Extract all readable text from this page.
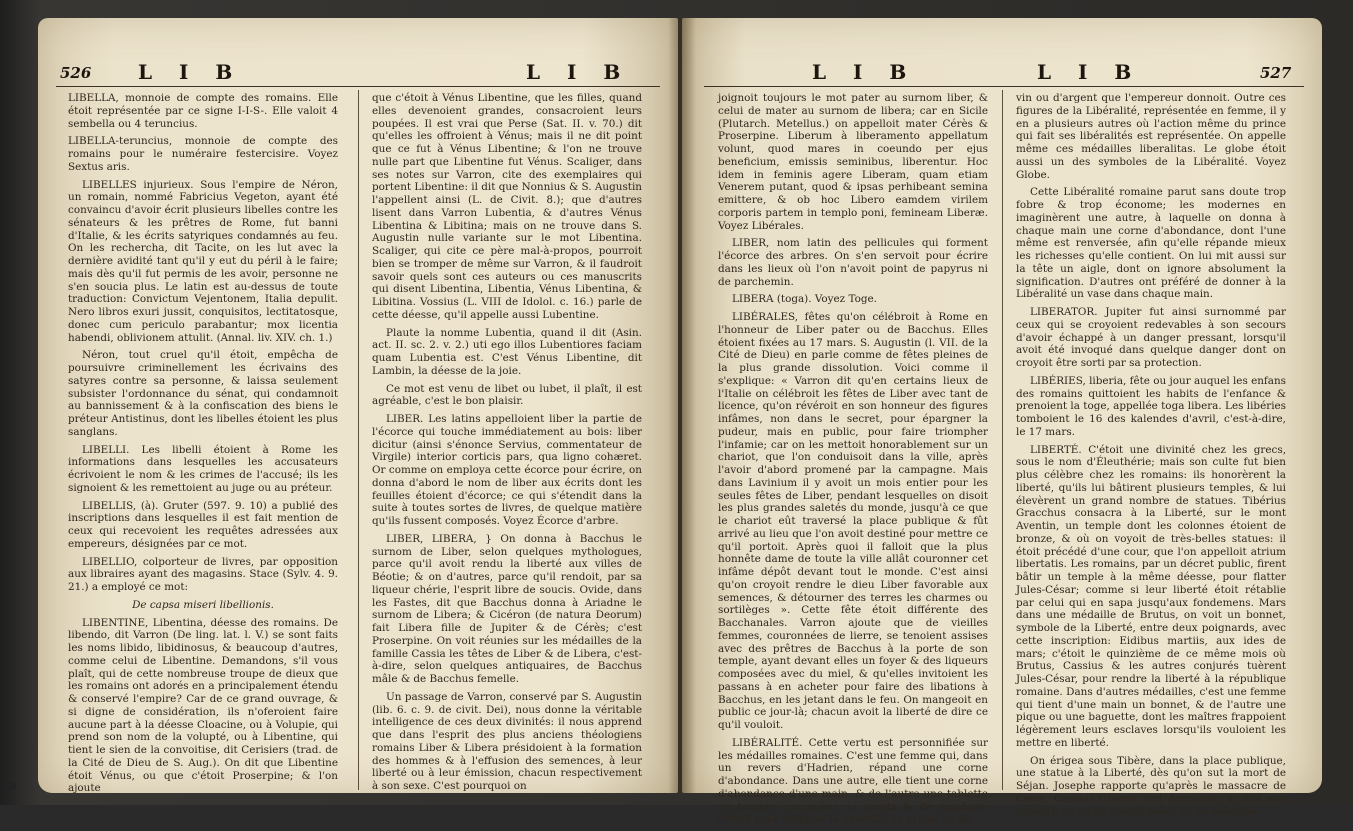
526 L I B	L I B

LIBELLA, monnoie de compte des romains. Elle étoit représentée par ce signe I-I-S-. Elle valoit 4 sembella ou 4 teruncius.

LIBELLA-teruncius, monnoie de compte des romains pour le numéraire festercisire. Voyez Sextus aris.

LIBELLES injurieux. Sous l'empire de Néron, un romain, nommé Fabricius Vegeton, ayant été convaincu d'avoir écrit plusieurs libelles contre les sénateurs & les prêtres de Rome, fut banni d'Italie, & les écrits satyriques condamnés au feu. On les rechercha, dit Tacite, on les lut avec la dernière avidité tant qu'il y eut du péril à le faire; mais dès qu'il fut permis de les avoir, personne ne s'en soucia plus. Le latin est au-dessus de toute traduction: Convictum Vejentonem, Italia depulit. Nero libros exuri jussit, conquisitos, lectitatosque, donec cum periculo parabantur; mox licentia habendi, oblivionem attulit. (Annal. liv. XIV. ch. 1.)

Néron, tout cruel qu'il étoit, empêcha de poursuivre criminellement les écrivains des satyres contre sa personne, & laissa seulement subsister l'ordonnance du sénat, qui condamnoit au bannissement & à la confiscation des biens le préteur Antistinus, dont les libelles étoient les plus sanglans.

LIBELLI. Les libelli étoient à Rome les informations dans lesquelles les accusateurs écrivoient le nom & les crimes de l'accusé; ils les signoient & les remettoient au juge ou au préteur.

LIBELLIS, (à). Gruter (597. 9. 10) a publié des inscriptions dans lesquelles il est fait mention de ceux qui recevoient les requêtes adressées aux empereurs, désignées par ce mot.

LIBELLIO, colporteur de livres, par opposition aux libraires ayant des magasins. Stace (Sylv. 4. 9. 21.) a employé ce mot:

De capsa miseri libellionis.

LIBENTINE, Libentina, déesse des romains. De libendo, dit Varron (De ling. lat. l. V.) se sont faits les noms libido, libidinosus, & beaucoup d'autres, comme celui de Libentine. Demandons, s'il vous plaît, qui de cette nombreuse troupe de dieux que les romains ont adorés en a principalement étendu & conservé l'empire? Car de ce grand ouvrage, & si digne de considération, ils n'oferoient faire aucune part à la déesse Cloacine, ou à Volupie, qui prend son nom de la volupté, ou à Libentine, qui tient le sien de la convoitise, dit Cerisiers (trad. de la Cité de Dieu de S. Aug.). On dit que Libentine étoit Vénus, ou que c'étoit Proserpine; & l'on ajoute

que c'étoit à Vénus Libentine, que les filles, quand elles devenoient grandes, consacroient leurs poupées. Il est vrai que Perse (Sat. II. v. 70.) dit qu'elles les offroient à Vénus; mais il ne dit point que ce fut à Vénus Libentine; & l'on ne trouve nulle part que Libentine fut Vénus. Scaliger, dans ses notes sur Varron, cite des exemplaires qui portent Libentine: il dit que Nonnius & S. Augustin l'appellent ainsi (L. de Civit. 8.); que d'autres lisent dans Varron Lubentia, & d'autres Vénus Libentina & Libitina; mais on ne trouve dans S. Augustin nulle variante sur le mot Libentina. Scaliger, qui cite ce père mal-à-propos, pourroit bien se tromper de même sur Varron, & il faudroit savoir quels sont ces auteurs ou ces manuscrits qui disent Libentina, Libentia, Vénus Libentina, & Libitina. Vossius (L. VIII de Idolol. c. 16.) parle de cette déesse, qu'il appelle aussi Lubentine.

Plaute la nomme Lubentia, quand il dit (Asin. act. II. sc. 2. v. 2.) uti ego illos Lubentiores faciam quam Lubentia est. C'est Vénus Libentine, dit Lambin, la déesse de la joie.

Ce mot est venu de libet ou lubet, il plaît, il est agréable, c'est le bon plaisir.

LIBER. Les latins appelloient liber la partie de l'écorce qui touche immédiatement au bois: liber dicitur (ainsi s'énonce Servius, commentateur de Virgile) interior corticis pars, qua ligno cohæret. Or comme on employa cette écorce pour écrire, on donna d'abord le nom de liber aux écrits dont les feuilles étoient d'écorce; ce qui s'étendit dans la suite à toutes sortes de livres, de quelque matière qu'ils fussent composés. Voyez Écorce d'arbre.

LIBER, LIBERA, } On donna à Bacchus le surnom de Liber, selon quelques mythologues, parce qu'il avoit rendu la liberté aux villes de Béotie; & on d'autres, parce qu'il rendoit, par sa liqueur chérie, l'esprit libre de soucis. Ovide, dans les Fastes, dit que Bacchus donna à Ariadne le surnom de Libera; & Cicéron (de natura Deorum) fait Libera fille de Jupiter & de Cérès; c'est Proserpine. On voit réunies sur les médailles de la famille Cassia les têtes de Liber & de Libera, c'est-à-dire, selon quelques antiquaires, de Bacchus mâle & de Bacchus femelle.

Un passage de Varron, conservé par S. Augustin (lib. 6. c. 9. de civit. Dei), nous donne la véritable intelligence de ces deux divinités: il nous apprend que dans l'esprit des plus anciens théologiens romains Liber & Libera présidoient à la formation des hommes & à l'effusion des semences, à leur liberté ou à leur émission, chacun respectivement à son sexe. C'est pourquoi on

L I B	L I B	527

joignoit toujours le mot pater au surnom liber, & celui de mater au surnom de libera; car en Sicile (Plutarch. Metellus.) on appelloit mater Cérès & Proserpine. Liberum à liberamento appellatum volunt, quod mares in coeundo per ejus beneficium, emissis seminibus, liberentur. Hoc idem in feminis agere Liberam, quam etiam Venerem putant, quod & ipsas perhibeant semina emittere, & ob hoc Libero eamdem virilem corporis partem in templo poni, femineam Liberæ. Voyez Libérales.

LIBER, nom latin des pellicules qui forment l'écorce des arbres. On s'en servoit pour écrire dans les lieux où l'on n'avoit point de papyrus ni de parchemin.

LIBERA (toga). Voyez Toge.

LIBÉRALES, fêtes qu'on célébroit à Rome en l'honneur de Liber pater ou de Bacchus. Elles étoient fixées au 17 mars. S. Augustin (l. VII. de la Cité de Dieu) en parle comme de fêtes pleines de la plus grande dissolution. Voici comme il s'explique: « Varron dit qu'en certains lieux de l'Italie on célébroit les fêtes de Liber avec tant de licence, qu'on révéroit en son honneur des figures infâmes, non dans le secret, pour épargner la pudeur, mais en public, pour faire triompher l'infamie; car on les mettoit honorablement sur un chariot, que l'on conduisoit dans la ville, après l'avoir d'abord promené par la campagne. Mais dans Lavinium il y avoit un mois entier pour les seules fêtes de Liber, pendant lesquelles on disoit les plus grandes saletés du monde, jusqu'à ce que le chariot eût traversé la place publique & fût arrivé au lieu que l'on avoit destiné pour mettre ce qu'il portoit. Après quoi il falloit que la plus honnête dame de toute la ville allât couronner cet infâme dépôt devant tout le monde. C'est ainsi qu'on croyoit rendre le dieu Liber favorable aux semences, & détourner des terres les charmes ou sortilèges ». Cette fête étoit différente des Bacchanales. Varron ajoute que de vieilles femmes, couronnées de lierre, se tenoient assises avec des prêtres de Bacchus à la porte de son temple, ayant devant elles un foyer & des liqueurs composées avec du miel, & qu'elles invitoient les passans à en acheter pour faire des libations à Bacchus, en les jetant dans le feu. On mangeoit en public ce jour-là; chacun avoit la liberté de dire ce qu'il vouloit.

LIBÉRALITÉ. Cette vertu est personnifiée sur les médailles romaines. C'est une femme qui, dans un revers d'Hadrien, répand une corne d'abondance. Dans une autre, elle tient une corne d'abondance d'une main, & de l'autre une tablette ou tessère, marquées de points & de nombres; c'étoit pour indiquer la quantité de grains ou de

vin ou d'argent que l'empereur donnoit. Outre ces figures de la Libéralité, représentée en femme, il y en a plusieurs autres où l'action même du prince qui fait ses libéralités est représentée. On appelle même ces médailles liberalitas. Le globe étoit aussi un des symboles de la Libéralité. Voyez Globe.

Cette Libéralité romaine parut sans doute trop fobre & trop économe; les modernes en imaginèrent une autre, à laquelle on donna à chaque main une corne d'abondance, dont l'une même est renversée, afin qu'elle répande mieux les richesses qu'elle contient. On lui mit aussi sur la tête un aigle, dont on ignore absolument la signification. D'autres ont préféré de donner à la Libéralité un vase dans chaque main.

LIBERATOR. Jupiter fut ainsi surnommé par ceux qui se croyoient redevables à son secours d'avoir échappé à un danger pressant, lorsqu'il avoit été invoqué dans quelque danger dont on croyoit être sorti par sa protection.

LIBÉRIES, liberia, fête ou jour auquel les enfans des romains quittoient les habits de l'enfance & prenoient la toge, appellée toga libera. Les libéries tomboient le 16 des kalendes d'avril, c'est-à-dire, le 17 mars.

LIBERTÉ. C'étoit une divinité chez les grecs, sous le nom d'Éleuthérie; mais son culte fut bien plus célèbre chez les romains: ils honorèrent la liberté, qu'ils lui bâtirent plusieurs temples, & lui élevèrent un grand nombre de statues. Tibérius Gracchus consacra à la Liberté, sur le mont Aventin, un temple dont les colonnes étoient de bronze, & où on voyoit de très-belles statues: il étoit précédé d'une cour, que l'on appelloit atrium libertatis. Les romains, par un décret public, firent bâtir un temple à la même déesse, pour flatter Jules-César; comme si leur liberté étoit rétablie par celui qui en sapa jusqu'aux fondemens. Mars dans une médaille de Brutus, on voit un bonnet, symbole de la Liberté, entre deux poignards, avec cette inscription: Eidibus martiis, aux ides de mars; c'étoit le quinzième de ce même mois où Brutus, Cassius & les autres conjurés tuèrent Jules-César, pour rendre la liberté à la république romaine. Dans d'autres médailles, c'est une femme qui tient d'une main un bonnet, & de l'autre une pique ou une baguette, dont les maîtres frappoient légèrement leurs esclaves lorsqu'ils vouloient les mettre en liberté.

On érigea sous Tibère, dans la place publique, une statue à la Liberté, dès qu'on sut la mort de Séjan. Josephe rapporte qu'après le massacre de Caïus, Cassius Chéréa vint demander le mot aux consuls, ce qu'on n'avoit point vu de mémoire
